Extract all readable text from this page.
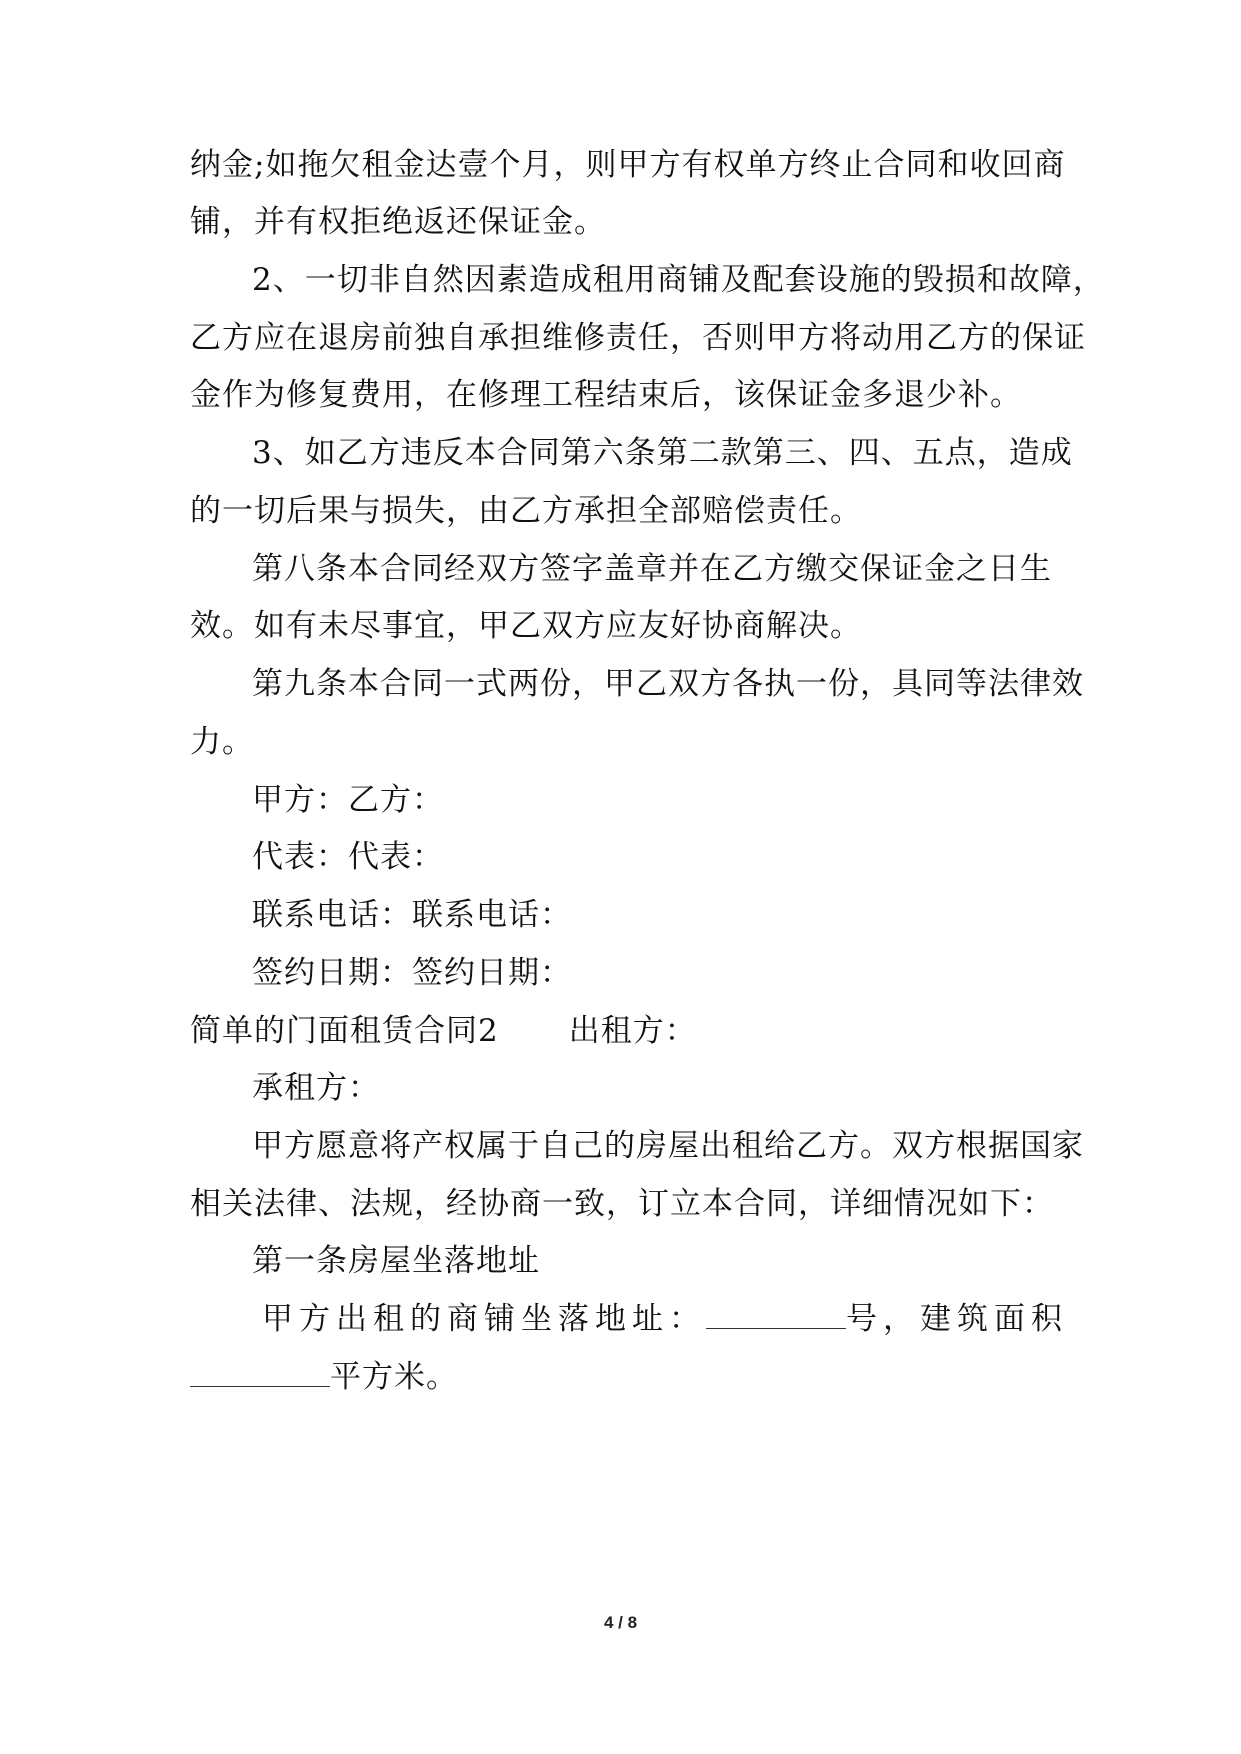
纳金;如拖欠租金达壹个月，则甲方有权单方终止合同和收回商
铺，并有权拒绝返还保证金。
2、一切非自然因素造成租用商铺及配套设施的毁损和故障，
乙方应在退房前独自承担维修责任，否则甲方将动用乙方的保证
金作为修复费用，在修理工程结束后，该保证金多退少补。
3、如乙方违反本合同第六条第二款第三、四、五点，造成
的一切后果与损失，由乙方承担全部赔偿责任。
第八条本合同经双方签字盖章并在乙方缴交保证金之日生
效。如有未尽事宜，甲乙双方应友好协商解决。
第九条本合同一式两份，甲乙双方各执一份，具同等法律效
力。
甲方：乙方：
代表：代表：
联系电话：联系电话：
签约日期：签约日期：
简单的门面租赁合同2 出租方：
承租方：
甲方愿意将产权属于自己的房屋出租给乙方。双方根据国家
相关法律、法规，经协商一致，订立本合同，详细情况如下：
第一条房屋坐落地址
甲方出租的商铺坐落地址：	号，建筑面积
平方米。
4 / 8
